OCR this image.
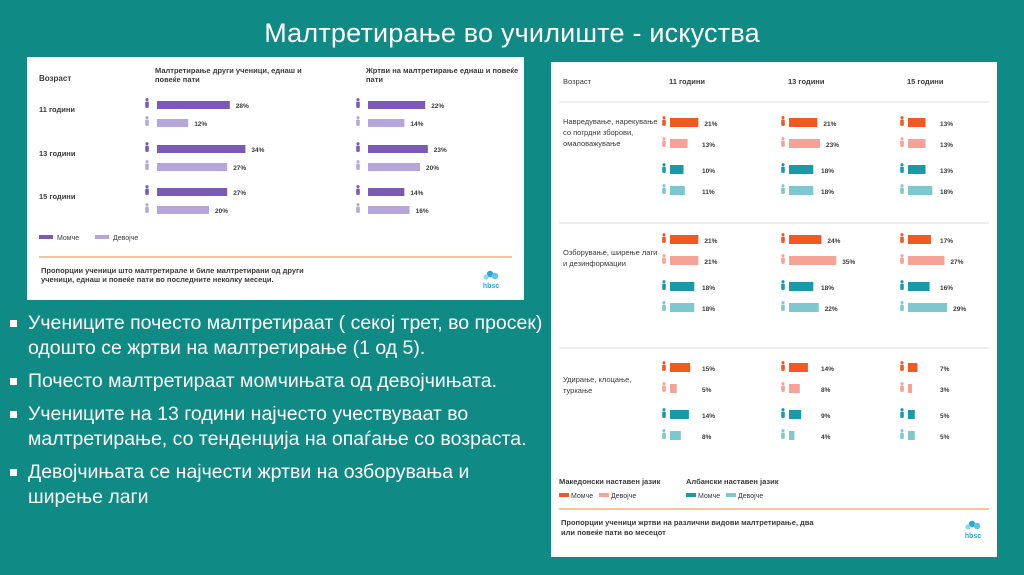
Малтретирање во училиште - искуства
Возраст
Малтретирање други ученици, еднаш и
повеќе пати
Жртви на малтретирање еднаш и повеќе
пати
11 години	28%	22%
12%	14%
13 години	34%	23%
27%	20%
15 години	27%	14%
20%	16%
Момче	Девојче
Пропорции ученици што малтретирале и биле малтретирани од други
ученици, еднаш и повеќе пати во последните неколку месеци.
hbsc
Возраст	11 години	13 години	15 години
Навредување, нарекување
со погрдни зборови,
омаловажување
21%	21%	13%
13%	23%	13%
10%	18%	13%
11%	18%	18%
Озборување, ширење лаги
и дезинформации
21%	24%	17%
21%	35%	27%
18%	18%	16%
18%	22%	29%
Удирање, клоцање,
туркање
15%	14%	7%
5%	8%	3%
14%	9%	5%
8%	4%	5%
Македонски наставен јазик
Момче	Девојче
Албански наставен јазик
Момче	Девојче
Пропорции ученици жртви на различни видови малтретирање, два
или повеќе пати во месецот	hbsc
Учениците почесто малтретираат ( секој трет, во просек) одошто се жртви на малтретирање (1 од 5).
Почесто малтретираат момчињата од девојчињата.
Учениците на 13 години најчесто учествуваат во малтретирање, со тенденција на опаѓање со возраста.
Девојчињата се најчести жртви на озборувања и ширење лаги
